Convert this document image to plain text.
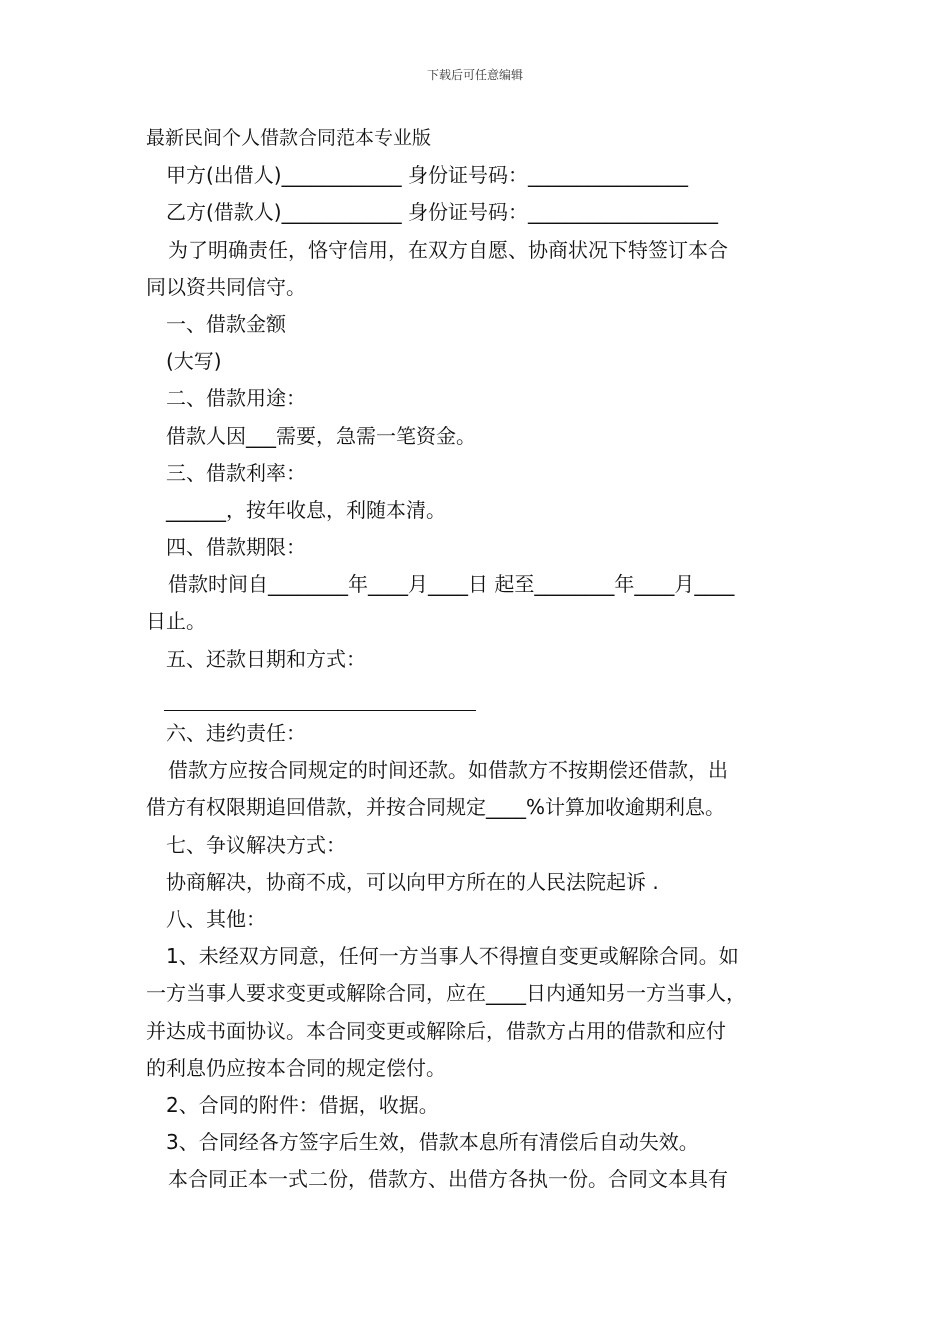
下载后可任意编辑
最新民间个人借款合同范本专业版
甲方(出借人)____________ 身份证号码：________________
乙方(借款人)____________ 身份证号码：___________________
为了明确责任，恪守信用，在双方自愿、协商状况下特签订本合
同以资共同信守。
一、借款金额
(大写)
二、借款用途：
借款人因___需要，急需一笔资金。
三、借款利率：
______，按年收息，利随本清。
四、借款期限：
借款时间自________年____月____日 起至________年____月____
日止。
五、还款日期和方式：
六、违约责任：
借款方应按合同规定的时间还款。如借款方不按期偿还借款，出
借方有权限期追回借款，并按合同规定____%计算加收逾期利息。
七、争议解决方式：
协商解决，协商不成，可以向甲方所在的人民法院起诉 .
八、其他：
1、未经双方同意，任何一方当事人不得擅自变更或解除合同。如
一方当事人要求变更或解除合同，应在____日内通知另一方当事人，
并达成书面协议。本合同变更或解除后，借款方占用的借款和应付
的利息仍应按本合同的规定偿付。
2、合同的附件：借据，收据。
3、合同经各方签字后生效，借款本息所有清偿后自动失效。
本合同正本一式二份，借款方、出借方各执一份。合同文本具有
